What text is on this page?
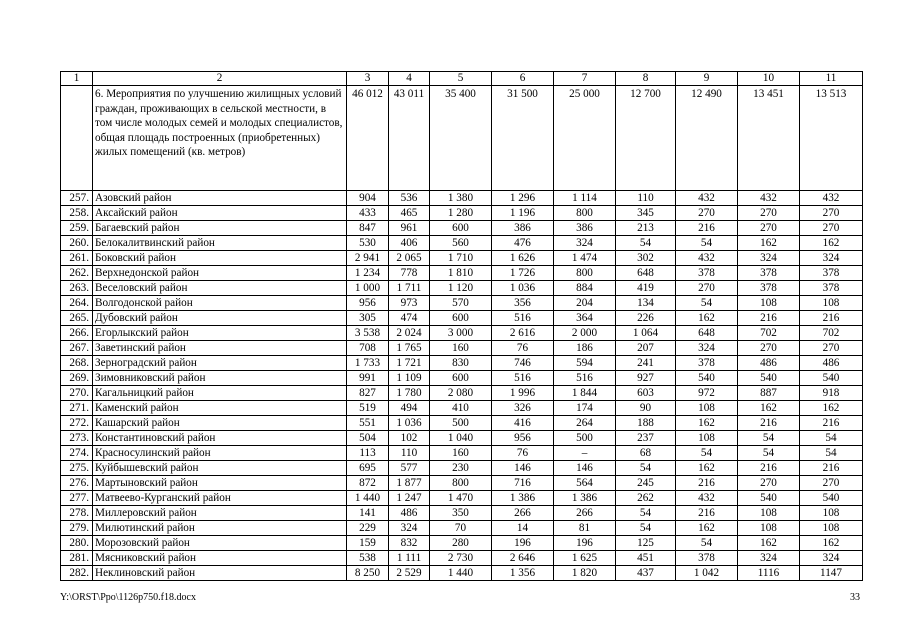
1	2	3	4	5	6	7	8	9	10	11
	6. Мероприятия по улучшению жилищных условий граждан, проживающих в сельской местности, в том числе молодых семей и молодых специалистов, общая площадь построенных (приобретенных) жилых помещений (кв. метров)	46 012	43 011	35 400	31 500	25 000	12 700	12 490	13 451	13 513
257.	Азовский район	904	536	1 380	1 296	1 114	110	432	432	432
258.	Аксайский район	433	465	1 280	1 196	800	345	270	270	270
259.	Багаевский район	847	961	600	386	386	213	216	270	270
260.	Белокалитвинский район	530	406	560	476	324	54	54	162	162
261.	Боковский район	2 941	2 065	1 710	1 626	1 474	302	432	324	324
262.	Верхнедонской район	1 234	778	1 810	1 726	800	648	378	378	378
263.	Веселовский район	1 000	1 711	1 120	1 036	884	419	270	378	378
264.	Волгодонской район	956	973	570	356	204	134	54	108	108
265.	Дубовский район	305	474	600	516	364	226	162	216	216
266.	Егорлыкский район	3 538	2 024	3 000	2 616	2 000	1 064	648	702	702
267.	Заветинский район	708	1 765	160	76	186	207	324	270	270
268.	Зерноградский район	1 733	1 721	830	746	594	241	378	486	486
269.	Зимовниковский район	991	1 109	600	516	516	927	540	540	540
270.	Кагальницкий район	827	1 780	2 080	1 996	1 844	603	972	887	918
271.	Каменский район	519	494	410	326	174	90	108	162	162
272.	Кашарский район	551	1 036	500	416	264	188	162	216	216
273.	Константиновский район	504	102	1 040	956	500	237	108	54	54
274.	Красносулинский район	113	110	160	76	–	68	54	54	54
275.	Куйбышевский район	695	577	230	146	146	54	162	216	216
276.	Мартыновский район	872	1 877	800	716	564	245	216	270	270
277.	Матвеево-Курганский район	1 440	1 247	1 470	1 386	1 386	262	432	540	540
278.	Миллеровский район	141	486	350	266	266	54	216	108	108
279.	Милютинский район	229	324	70	14	81	54	162	108	108
280.	Морозовский район	159	832	280	196	196	125	54	162	162
281.	Мясниковский район	538	1 111	2 730	2 646	1 625	451	378	324	324
282.	Неклиновский район	8 250	2 529	1 440	1 356	1 820	437	1 042	1116	1147
Y:\ORST\Ppo\1126p750.f18.docx	33
